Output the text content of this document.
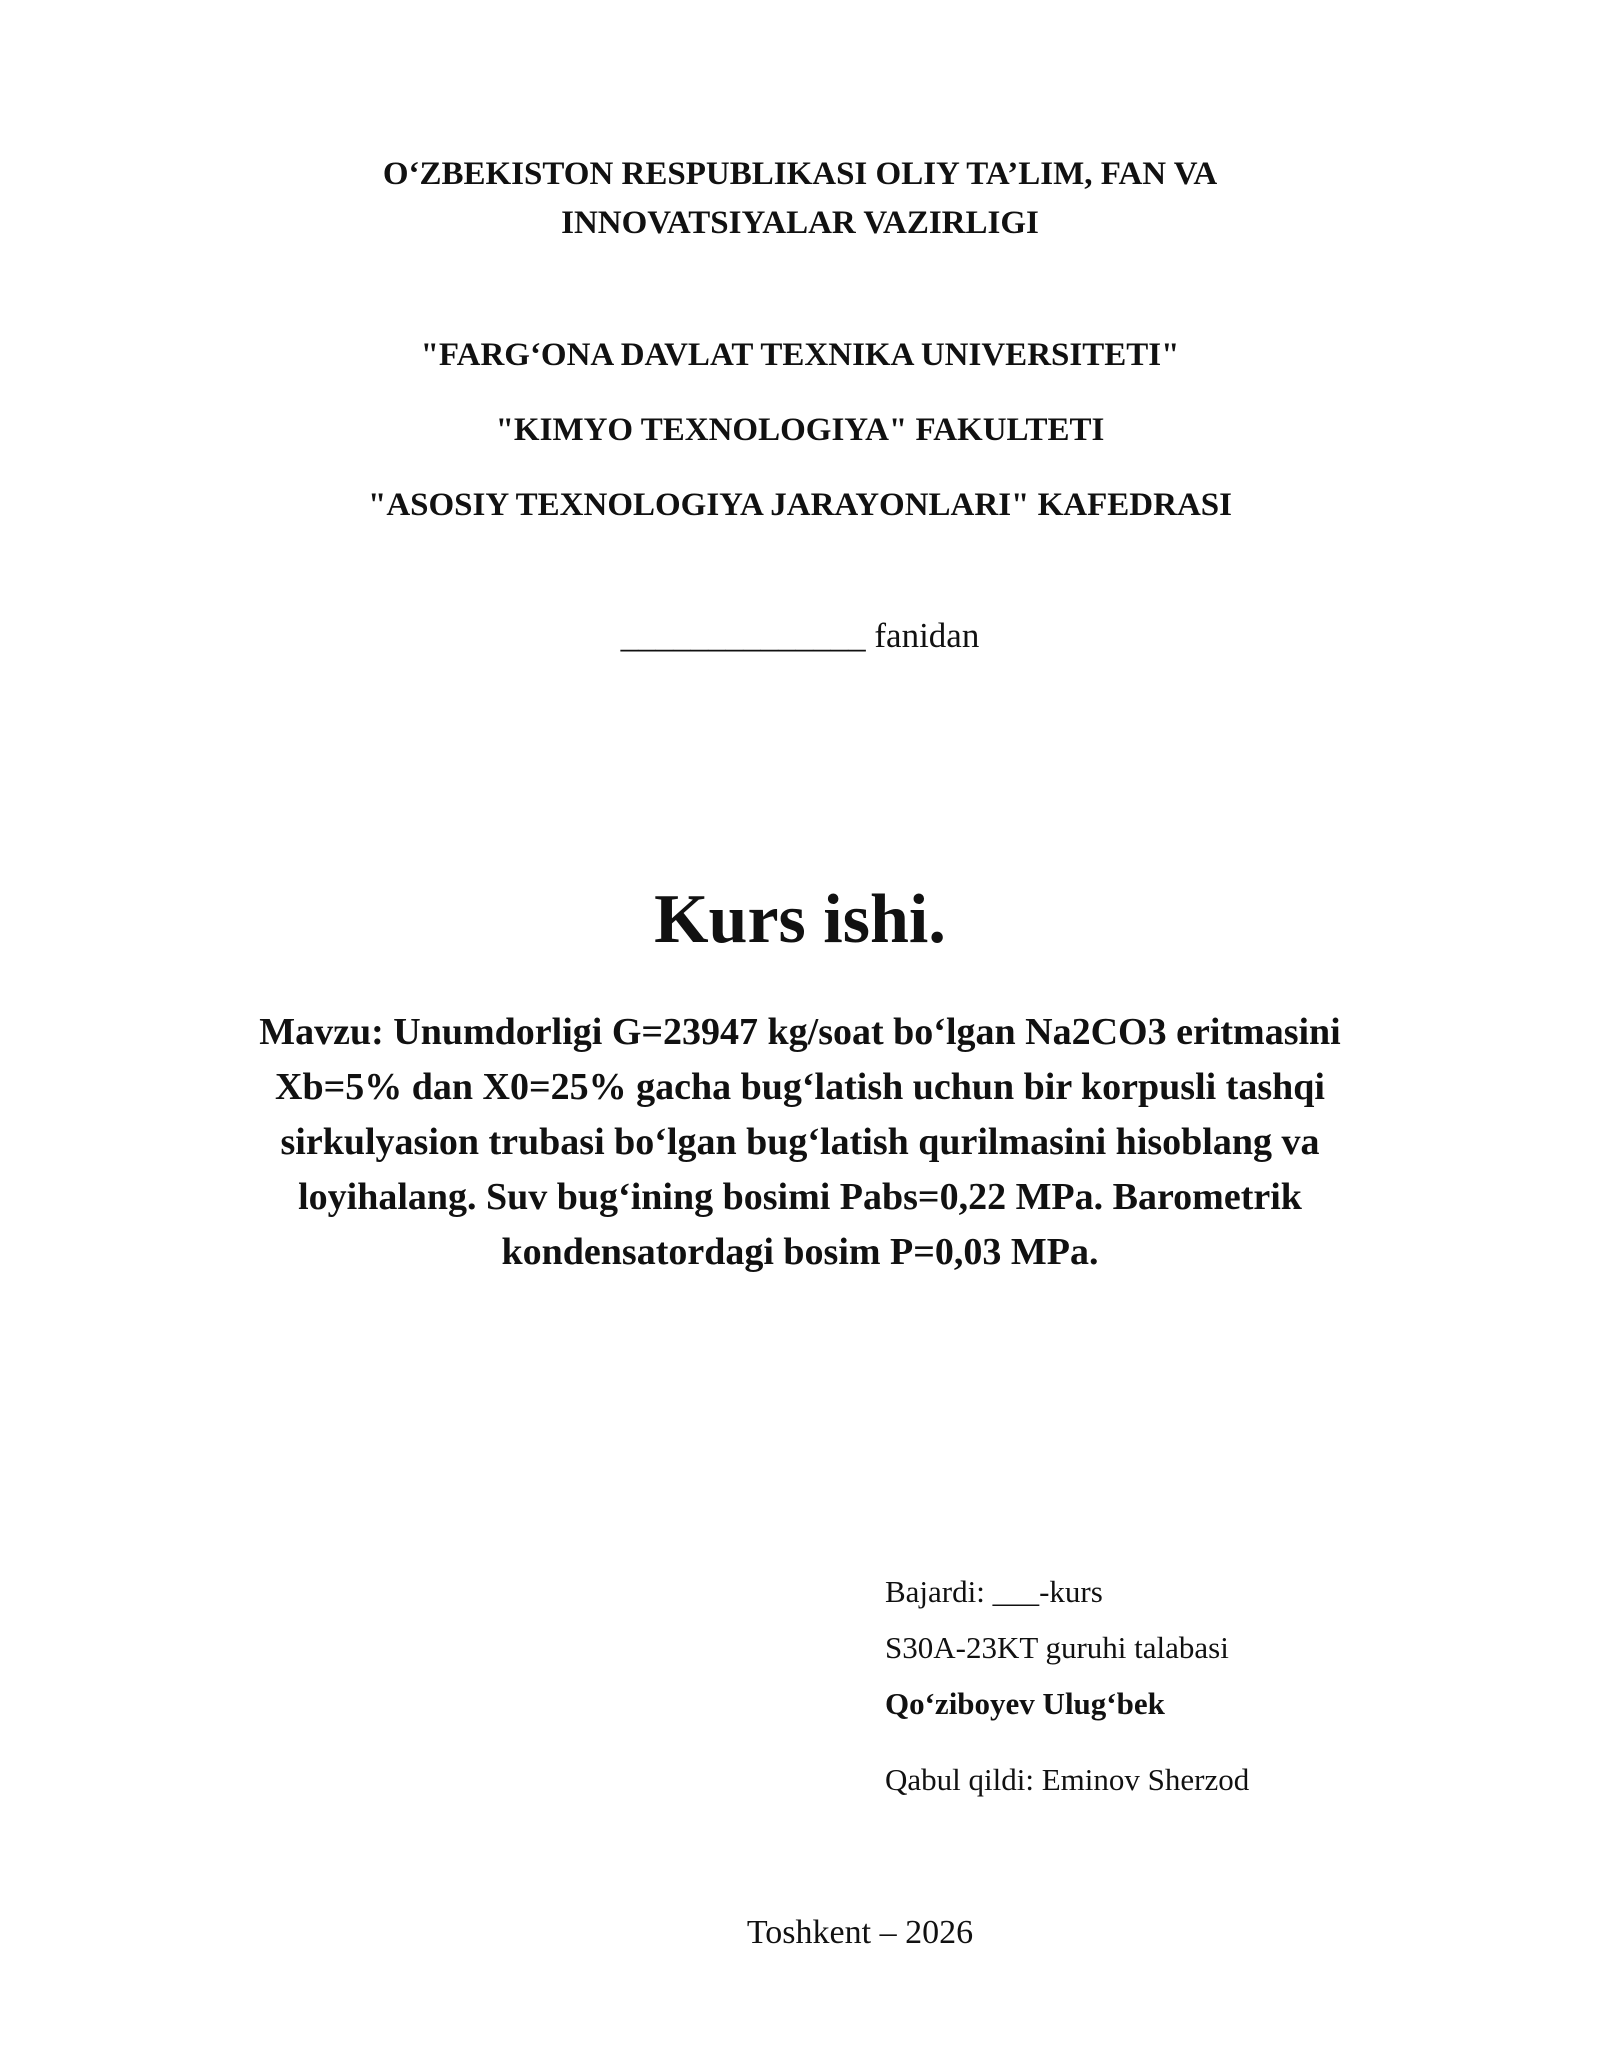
O‘ZBEKISTON RESPUBLIKASI OLIY TA’LIM, FAN VA
INNOVATSIYALAR VAZIRLIGI
"FARG‘ONA DAVLAT TEXNIKA UNIVERSITETI"
"KIMYO TEXNOLOGIYA" FAKULTETI
"ASOSIY TEXNOLOGIYA JARAYONLARI" KAFEDRASI
______________ fanidan
Kurs ishi.
Mavzu: Unumdorligi G=23947 kg/soat bo‘lgan Na2CO3 eritmasini
Xb=5% dan X0=25% gacha bug‘latish uchun bir korpusli tashqi
sirkulyasion trubasi bo‘lgan bug‘latish qurilmasini hisoblang va
loyihalang. Suv bug‘ining bosimi Pabs=0,22 MPa. Barometrik
kondensatordagi bosim P=0,03 MPa.
Bajardi: ___-kurs
S30A-23KT guruhi talabasi
Qo‘ziboyev Ulug‘bek
Qabul qildi: Eminov Sherzod
Toshkent – 2026
